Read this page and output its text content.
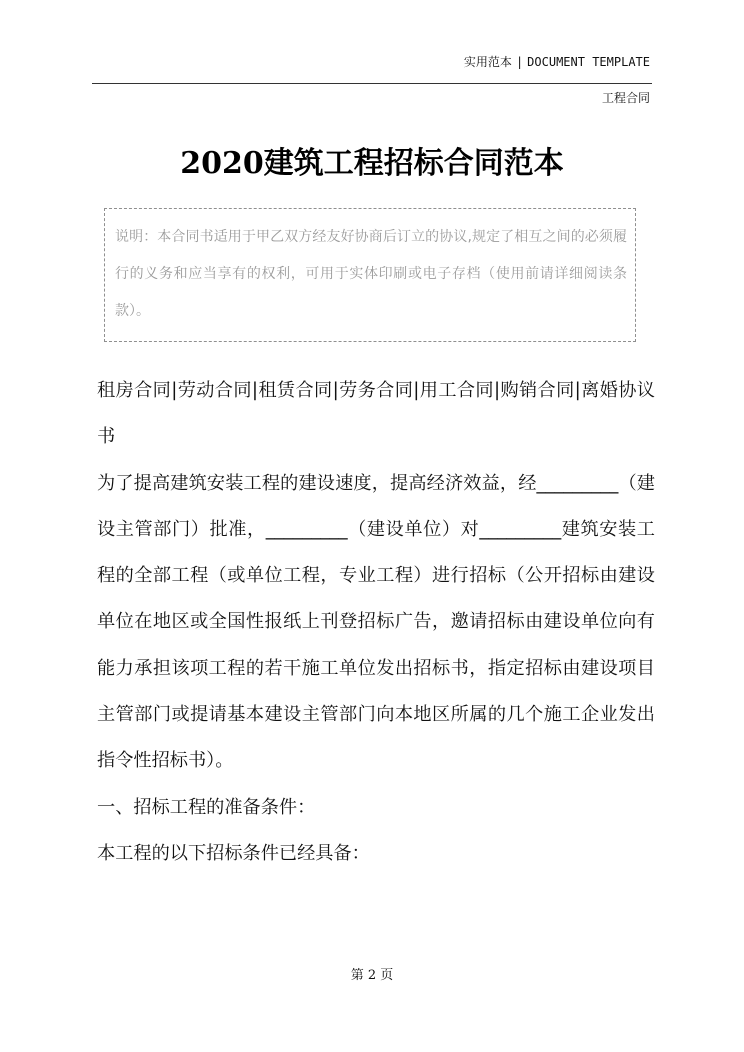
实用范本 | DOCUMENT TEMPLATE
工程合同
2020建筑工程招标合同范本
说明：本合同书适用于甲乙双方经友好协商后订立的协议,规定了相互之间的必须履行的义务和应当享有的权利，可用于实体印刷或电子存档（使用前请详细阅读条款）。

租房合同|劳动合同|租赁合同|劳务合同|用工合同|购销合同|离婚协议书

为了提高建筑安装工程的建设速度，提高经济效益，经_________（建设主管部门）批准，_________（建设单位）对_________建筑安装工程的全部工程（或单位工程，专业工程）进行招标（公开招标由建设单位在地区或全国性报纸上刊登招标广告，邀请招标由建设单位向有能力承担该项工程的若干施工单位发出招标书，指定招标由建设项目主管部门或提请基本建设主管部门向本地区所属的几个施工企业发出指令性招标书）。

一、招标工程的准备条件：

本工程的以下招标条件已经具备：

第 2 页
